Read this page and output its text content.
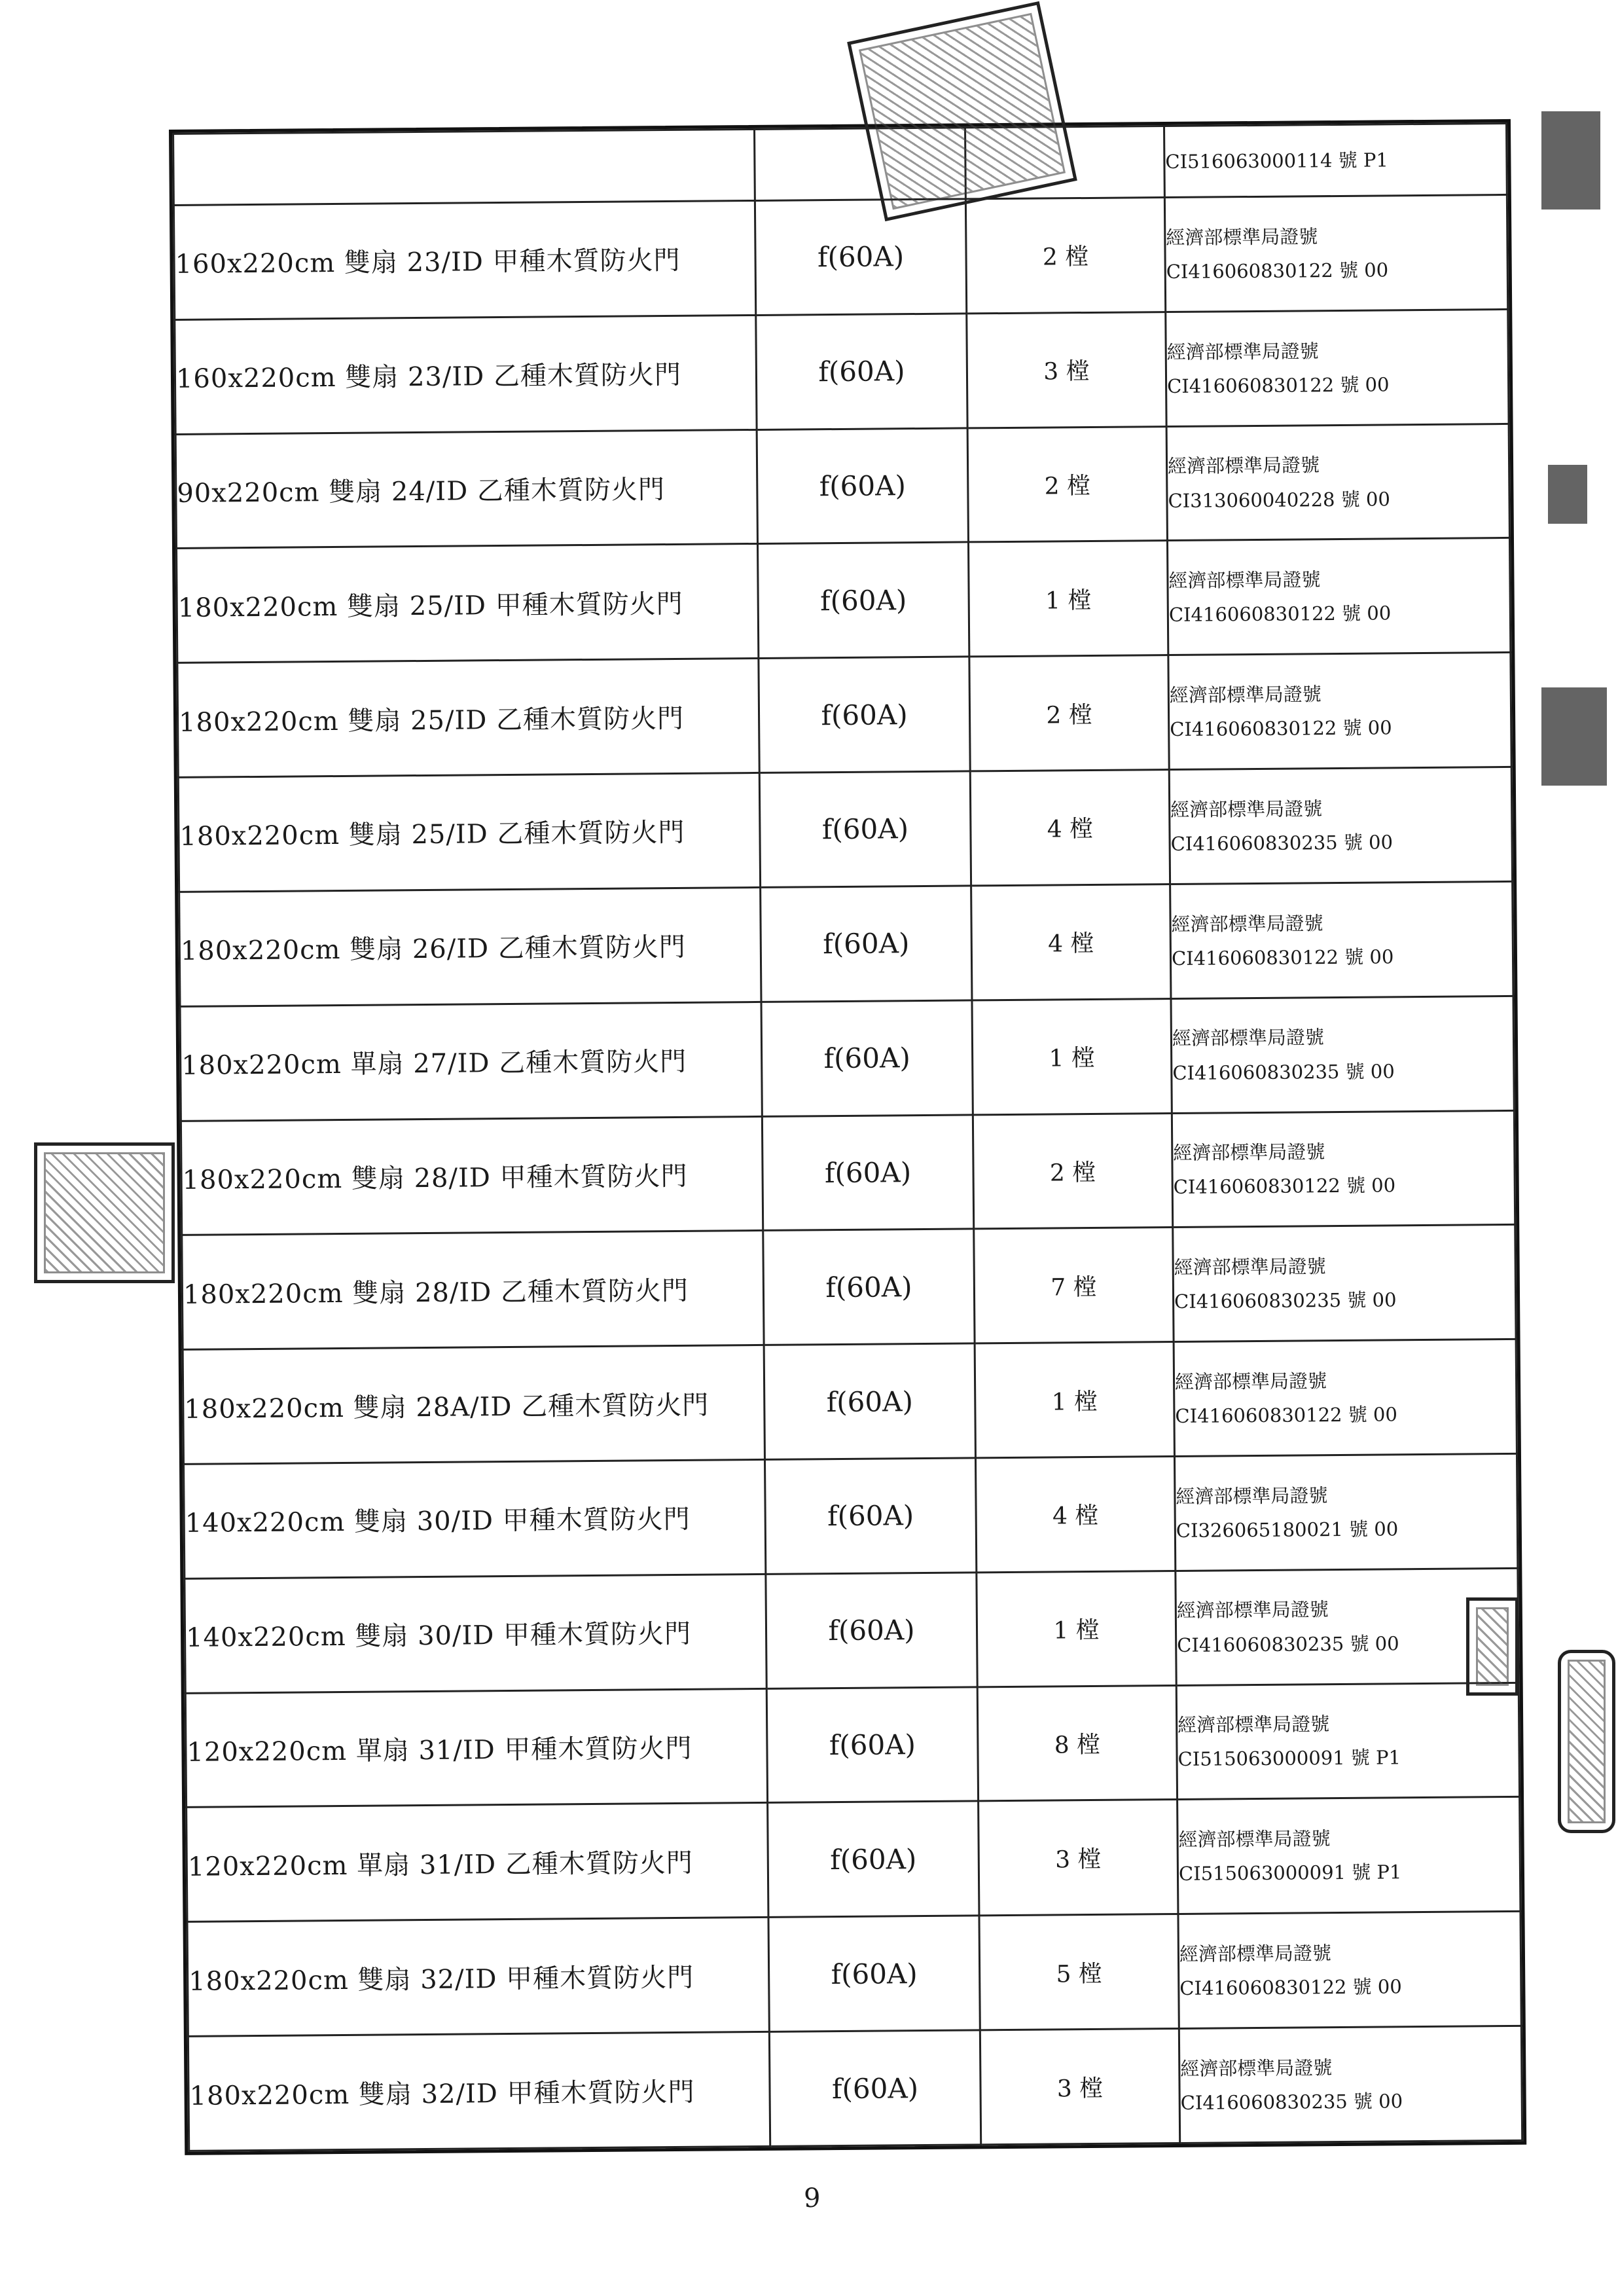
			CI516063000114 號 P1

160x220cm 雙扇 23/ID 甲種木質防火門	f(60A)	2 樘	經濟部標準局證號
CI416060830122 號 00

160x220cm 雙扇 23/ID 乙種木質防火門	f(60A)	3 樘	經濟部標準局證號
CI416060830122 號 00

90x220cm 雙扇 24/ID 乙種木質防火門	f(60A)	2 樘	經濟部標準局證號
CI313060040228 號 00

180x220cm 雙扇 25/ID 甲種木質防火門	f(60A)	1 樘	經濟部標準局證號
CI416060830122 號 00

180x220cm 雙扇 25/ID 乙種木質防火門	f(60A)	2 樘	經濟部標準局證號
CI416060830122 號 00

180x220cm 雙扇 25/ID 乙種木質防火門	f(60A)	4 樘	經濟部標準局證號
CI416060830235 號 00

180x220cm 雙扇 26/ID 乙種木質防火門	f(60A)	4 樘	經濟部標準局證號
CI416060830122 號 00

180x220cm 單扇 27/ID 乙種木質防火門	f(60A)	1 樘	經濟部標準局證號
CI416060830235 號 00

180x220cm 雙扇 28/ID 甲種木質防火門	f(60A)	2 樘	經濟部標準局證號
CI416060830122 號 00

180x220cm 雙扇 28/ID 乙種木質防火門	f(60A)	7 樘	經濟部標準局證號
CI416060830235 號 00

180x220cm 雙扇 28A/ID 乙種木質防火門	f(60A)	1 樘	經濟部標準局證號
CI416060830122 號 00

140x220cm 雙扇 30/ID 甲種木質防火門	f(60A)	4 樘	經濟部標準局證號
CI326065180021 號 00

140x220cm 雙扇 30/ID 甲種木質防火門	f(60A)	1 樘	經濟部標準局證號
CI416060830235 號 00

120x220cm 單扇 31/ID 甲種木質防火門	f(60A)	8 樘	經濟部標準局證號
CI515063000091 號 P1

120x220cm 單扇 31/ID 乙種木質防火門	f(60A)	3 樘	經濟部標準局證號
CI515063000091 號 P1

180x220cm 雙扇 32/ID 甲種木質防火門	f(60A)	5 樘	經濟部標準局證號
CI416060830122 號 00

180x220cm 雙扇 32/ID 甲種木質防火門	f(60A)	3 樘	經濟部標準局證號
CI416060830235 號 00
9
